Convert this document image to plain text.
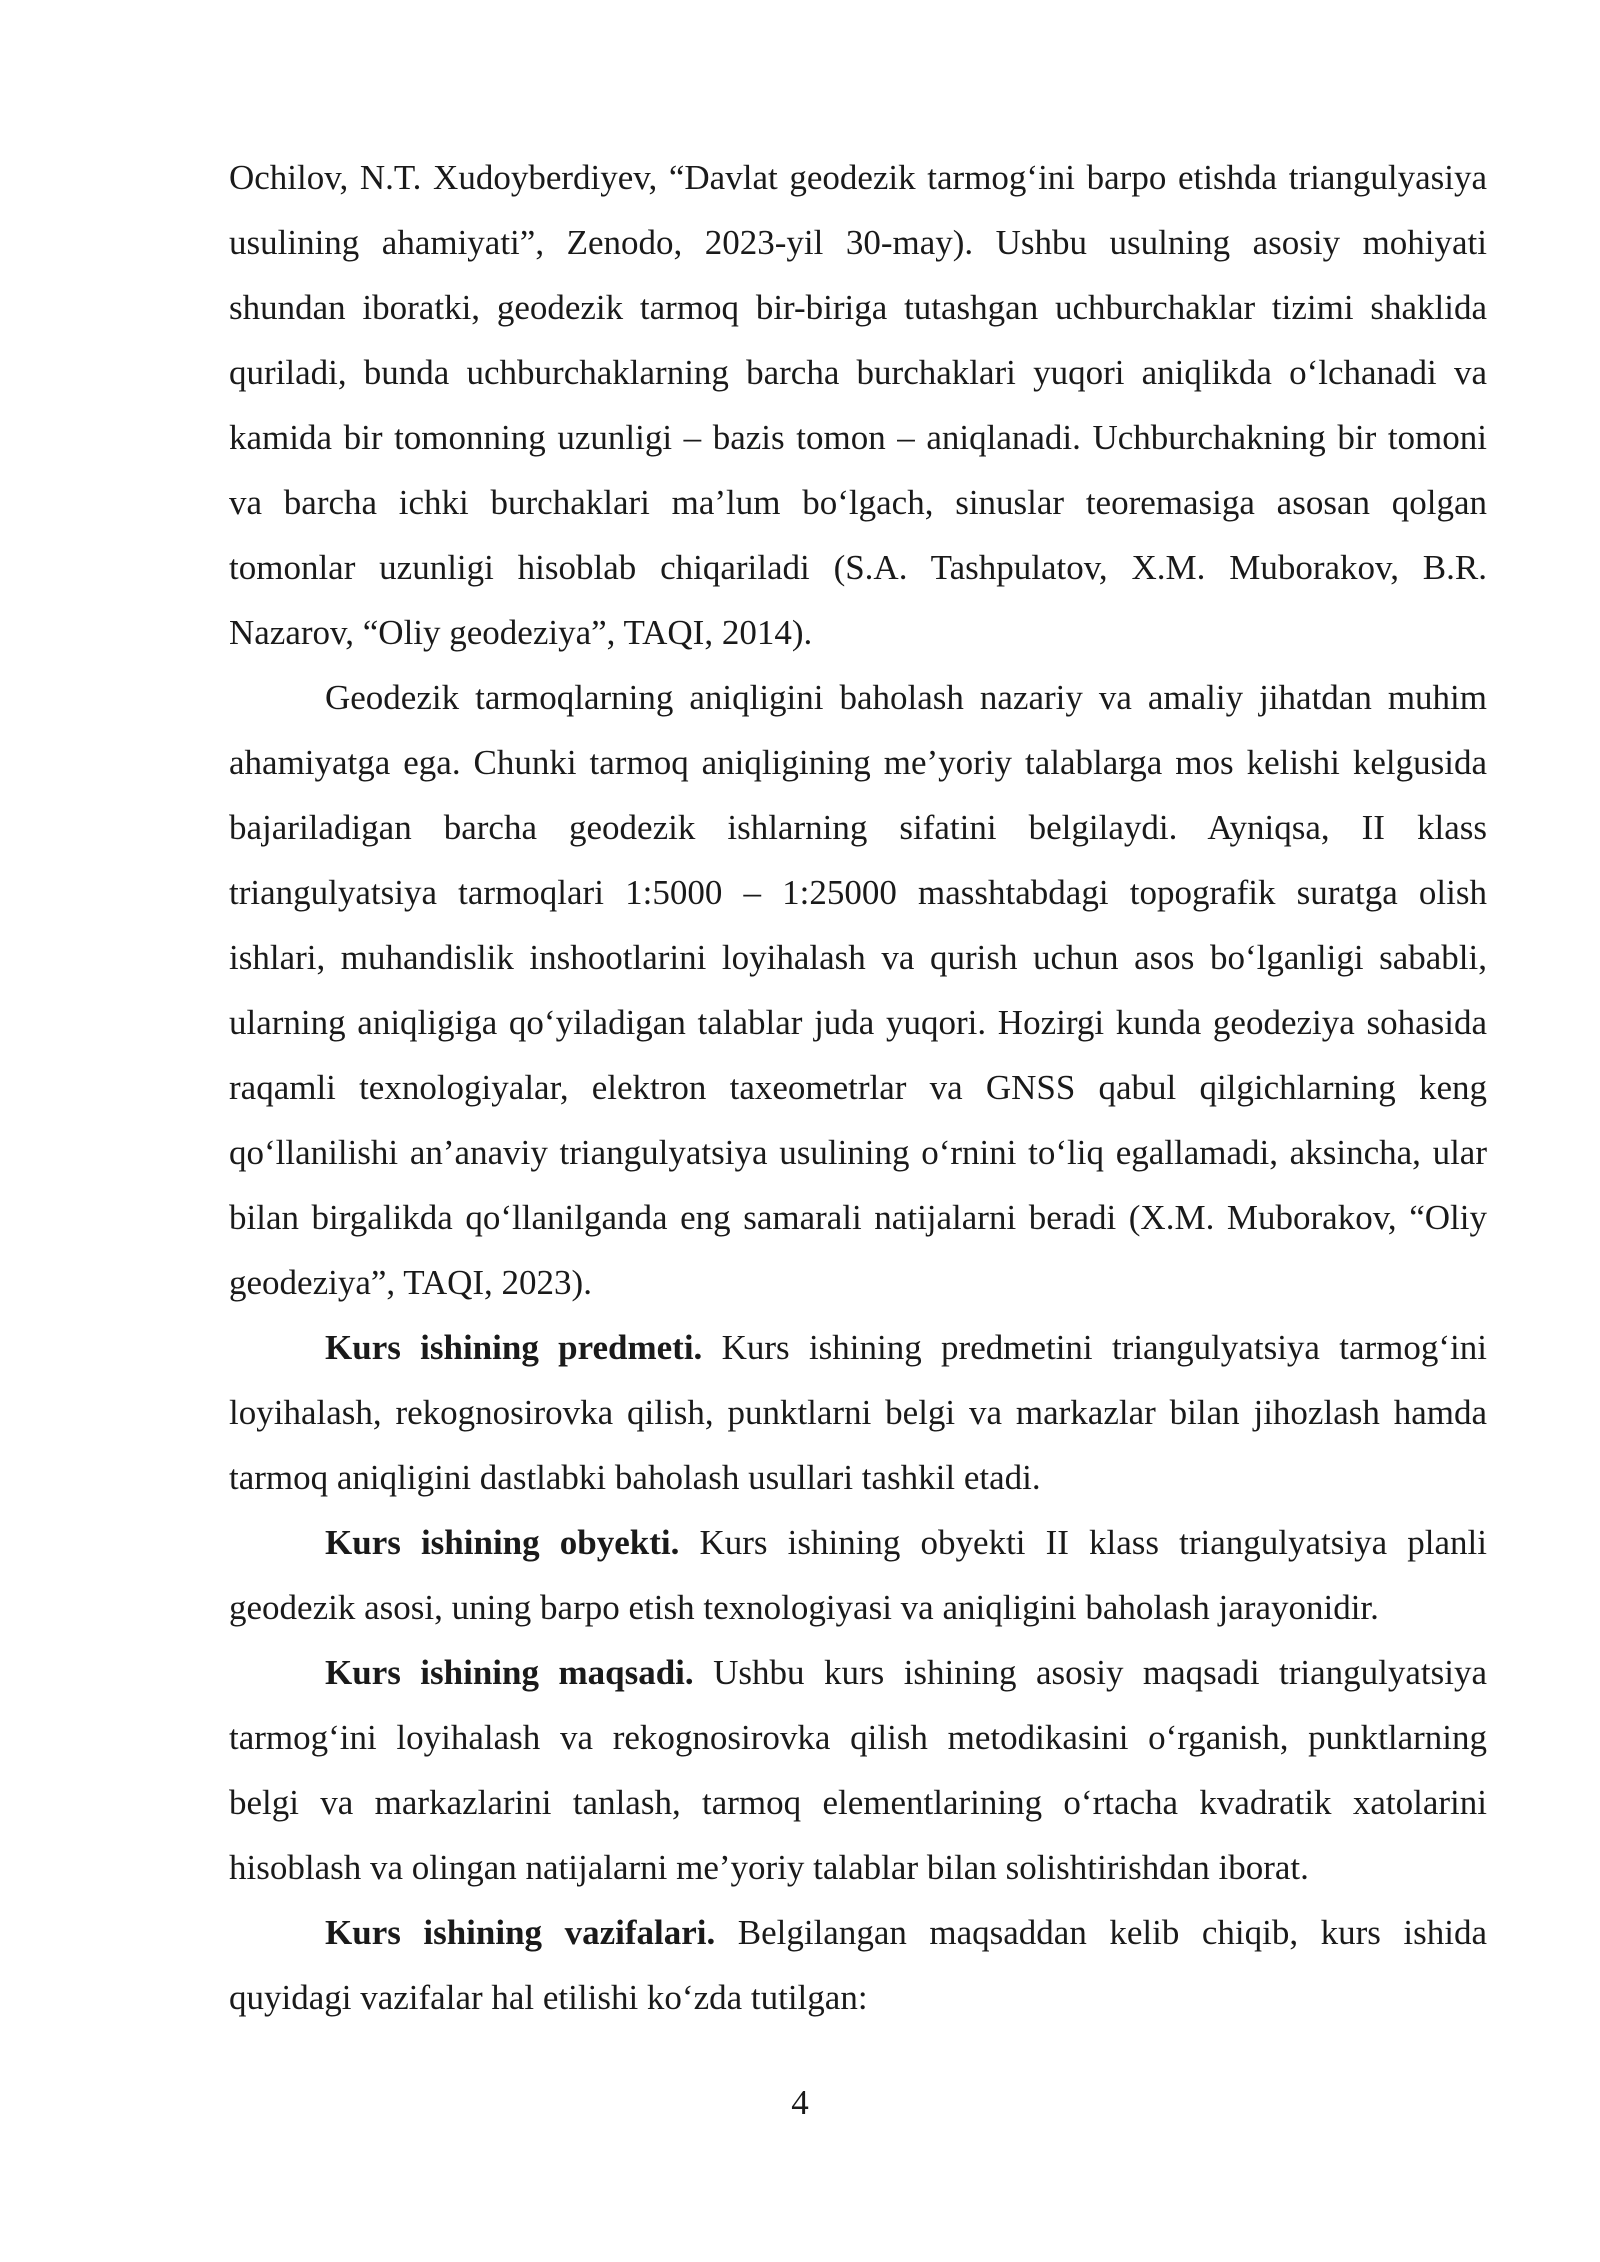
Ochilov, N.T. Xudoyberdiyev, “Davlat geodezik tarmog‘ini barpo etishda triangulyasiya usulining ahamiyati”, Zenodo, 2023-yil 30-may). Ushbu usulning asosiy mohiyati shundan iboratki, geodezik tarmoq bir-biriga tutashgan uchburchaklar tizimi shaklida quriladi, bunda uchburchaklarning barcha burchaklari yuqori aniqlikda o‘lchanadi va kamida bir tomonning uzunligi – bazis tomon – aniqlanadi. Uchburchakning bir tomoni va barcha ichki burchaklari ma’lum bo‘lgach, sinuslar teoremasiga asosan qolgan tomonlar uzunligi hisoblab chiqariladi (S.A. Tashpulatov, X.M. Muborakov, B.R. Nazarov, “Oliy geodeziya”, TAQI, 2014).

Geodezik tarmoqlarning aniqligini baholash nazariy va amaliy jihatdan muhim ahamiyatga ega. Chunki tarmoq aniqligining me’yoriy talablarga mos kelishi kelgusida bajariladigan barcha geodezik ishlarning sifatini belgilaydi. Ayniqsa, II klass triangulyatsiya tarmoqlari 1:5000 – 1:25000 masshtabdagi topografik suratga olish ishlari, muhandislik inshootlarini loyihalash va qurish uchun asos bo‘lganligi sababli, ularning aniqligiga qo‘yiladigan talablar juda yuqori. Hozirgi kunda geodeziya sohasida raqamli texnologiyalar, elektron taxeometrlar va GNSS qabul qilgichlarning keng qo‘llanilishi an’anaviy triangulyatsiya usulining o‘rnini to‘liq egallamadi, aksincha, ular bilan birgalikda qo‘llanilganda eng samarali natijalarni beradi (X.M. Muborakov, “Oliy geodeziya”, TAQI, 2023).

Kurs ishining predmeti. Kurs ishining predmetini triangulyatsiya tarmog‘ini loyihalash, rekognosirovka qilish, punktlarni belgi va markazlar bilan jihozlash hamda tarmoq aniqligini dastlabki baholash usullari tashkil etadi.

Kurs ishining obyekti. Kurs ishining obyekti II klass triangulyatsiya planli geodezik asosi, uning barpo etish texnologiyasi va aniqligini baholash jarayonidir.

Kurs ishining maqsadi. Ushbu kurs ishining asosiy maqsadi triangulyatsiya tarmog‘ini loyihalash va rekognosirovka qilish metodikasini o‘rganish, punktlarning belgi va markazlarini tanlash, tarmoq elementlarining o‘rtacha kvadratik xatolarini hisoblash va olingan natijalarni me’yoriy talablar bilan solishtirishdan iborat.

Kurs ishining vazifalari. Belgilangan maqsaddan kelib chiqib, kurs ishida quyidagi vazifalar hal etilishi ko‘zda tutilgan:

4
